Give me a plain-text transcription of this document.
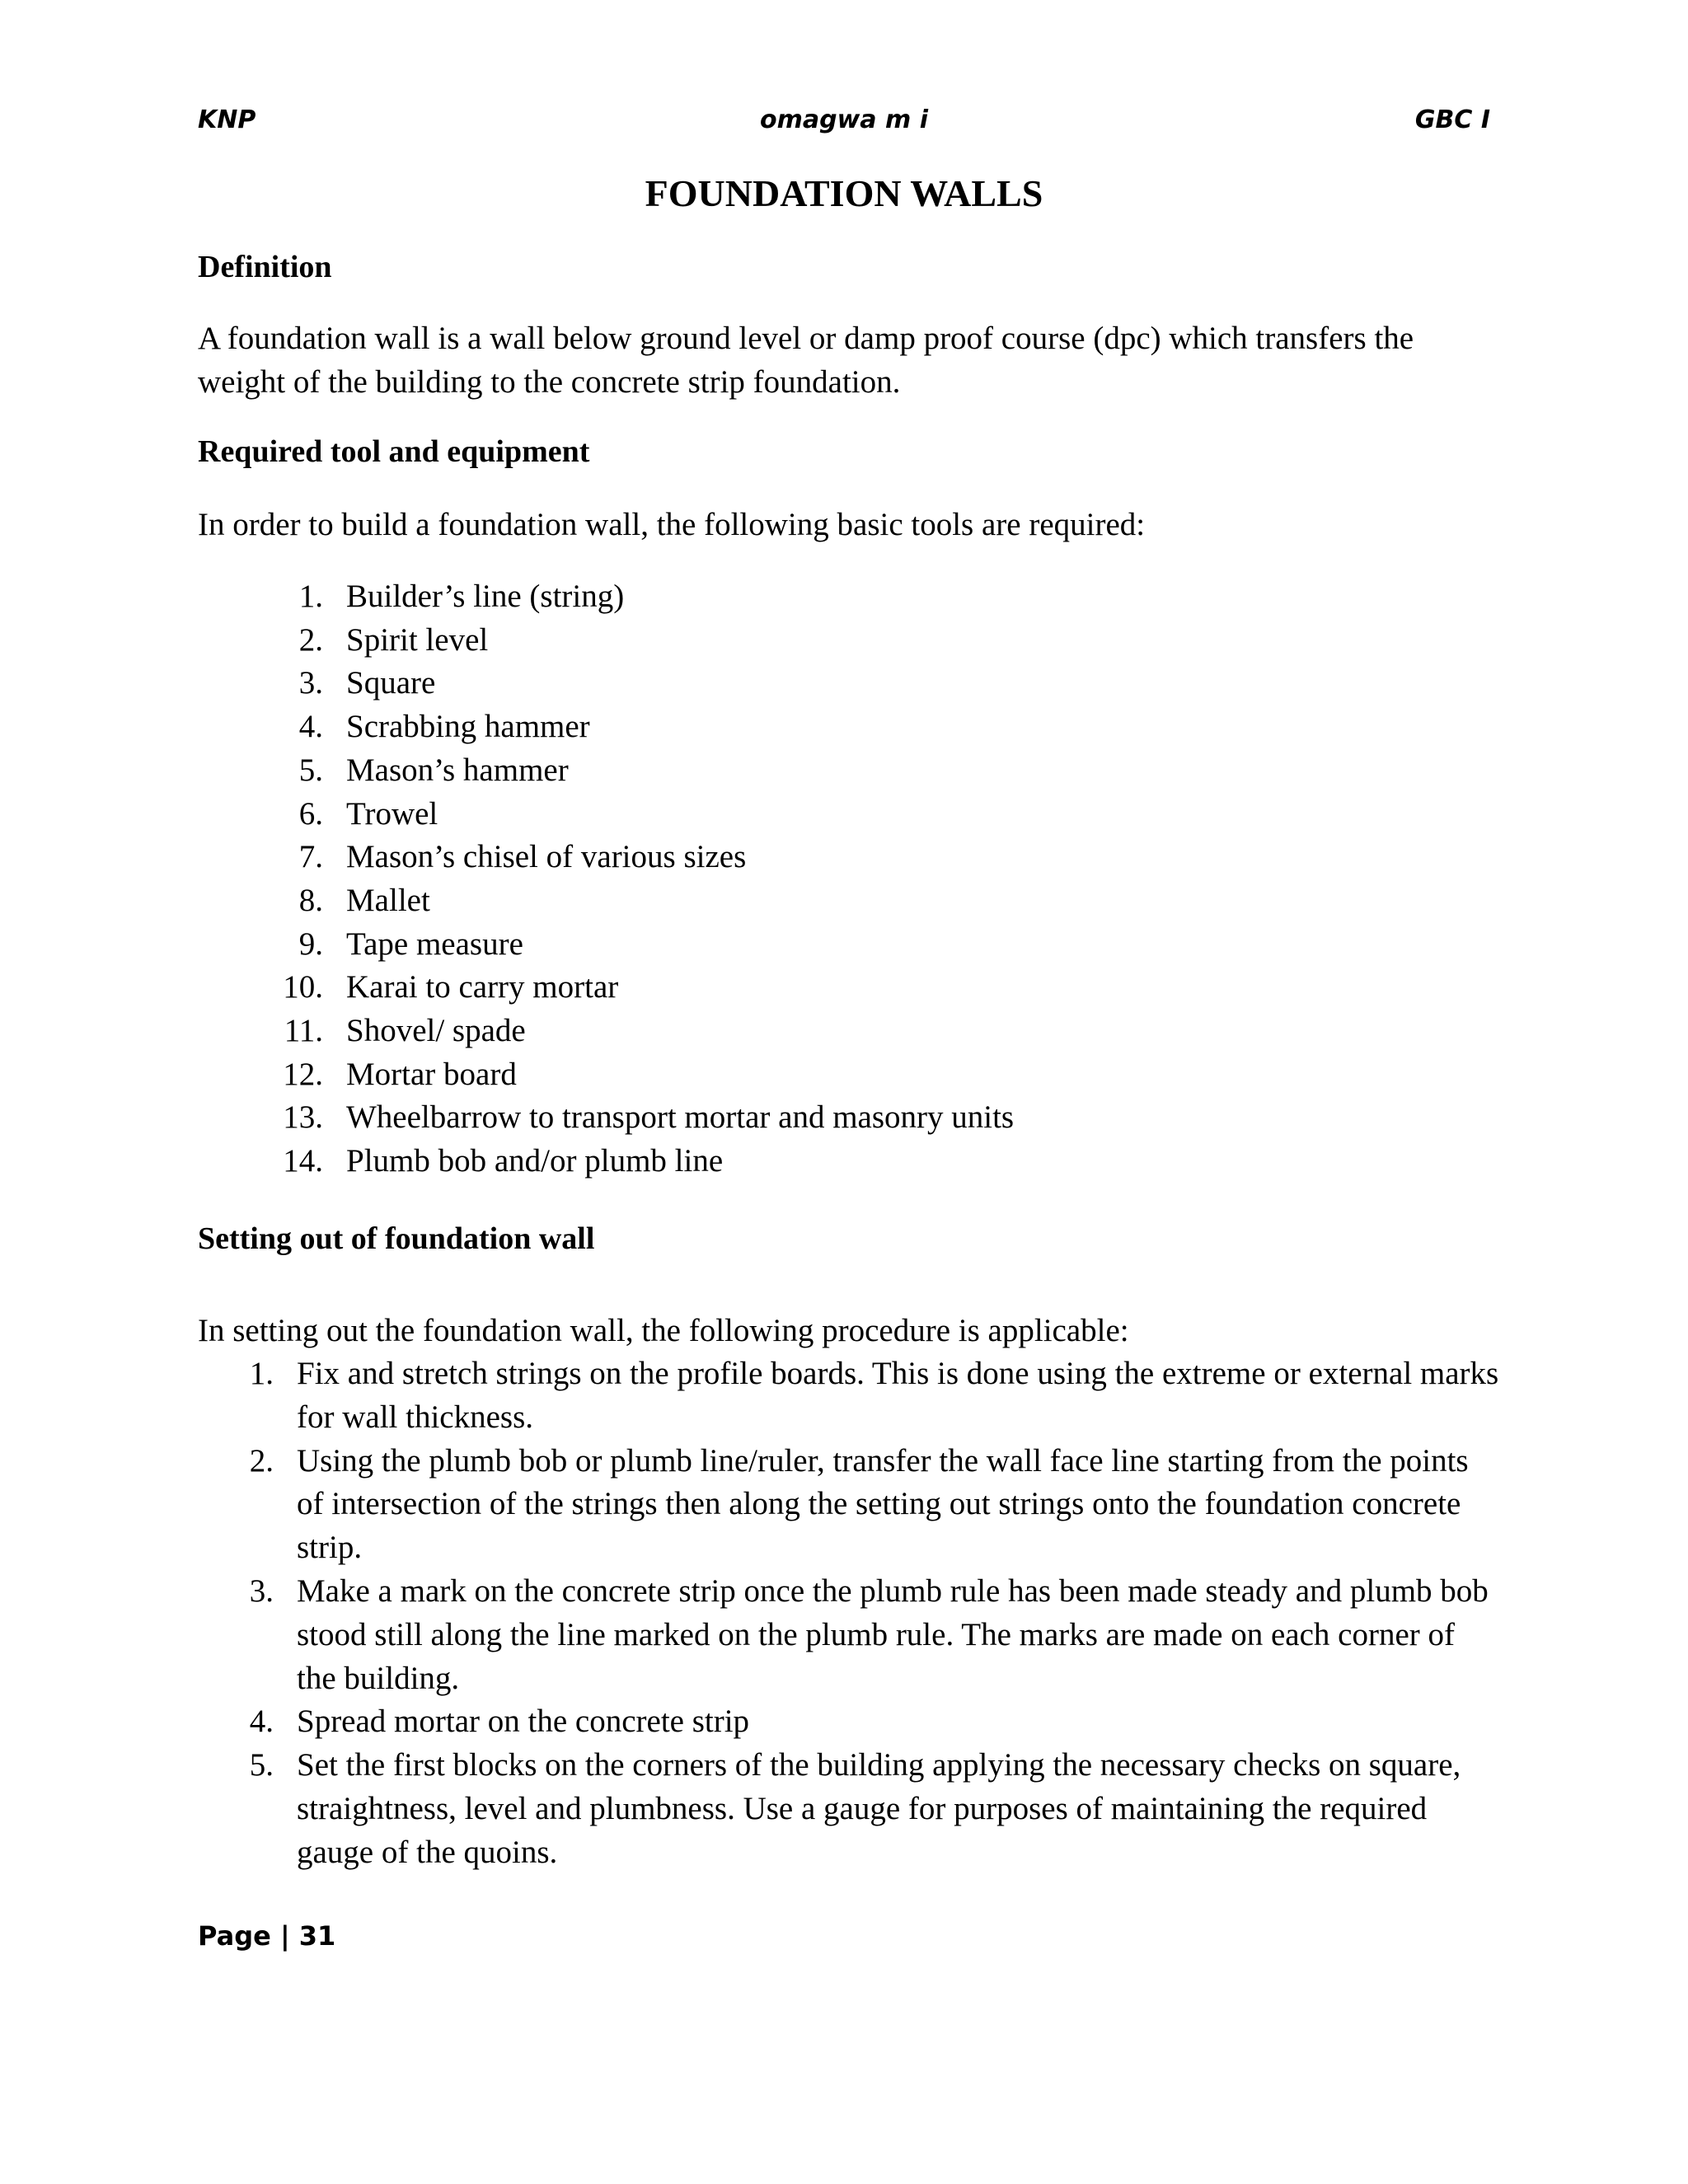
KNP	omagwa m i	GBC I
FOUNDATION WALLS
Definition
A foundation wall is a wall below ground level or damp proof course (dpc) which transfers the weight of the building to the concrete strip foundation.
Required tool and equipment
In order to build a foundation wall, the following basic tools are required:
1. Builder’s line (string)
2. Spirit level
3. Square
4. Scrabbing hammer
5. Mason’s hammer
6. Trowel
7. Mason’s chisel of various sizes
8. Mallet
9. Tape measure
10. Karai to carry mortar
11. Shovel/ spade
12. Mortar board
13. Wheelbarrow to transport mortar and masonry units
14. Plumb bob and/or plumb line
Setting out of foundation wall
In setting out the foundation wall, the following procedure is applicable:
1. Fix and stretch strings on the profile boards. This is done using the extreme or external marks for wall thickness.
2. Using the plumb bob or plumb line/ruler, transfer the wall face line starting from the points of intersection of the strings then along the setting out strings onto the foundation concrete strip.
3. Make a mark on the concrete strip once the plumb rule has been made steady and plumb bob stood still along the line marked on the plumb rule. The marks are made on each corner of the building.
4. Spread mortar on the concrete strip
5. Set the first blocks on the corners of the building applying the necessary checks on square, straightness, level and plumbness. Use a gauge for purposes of maintaining the required gauge of the quoins.
Page | 31
